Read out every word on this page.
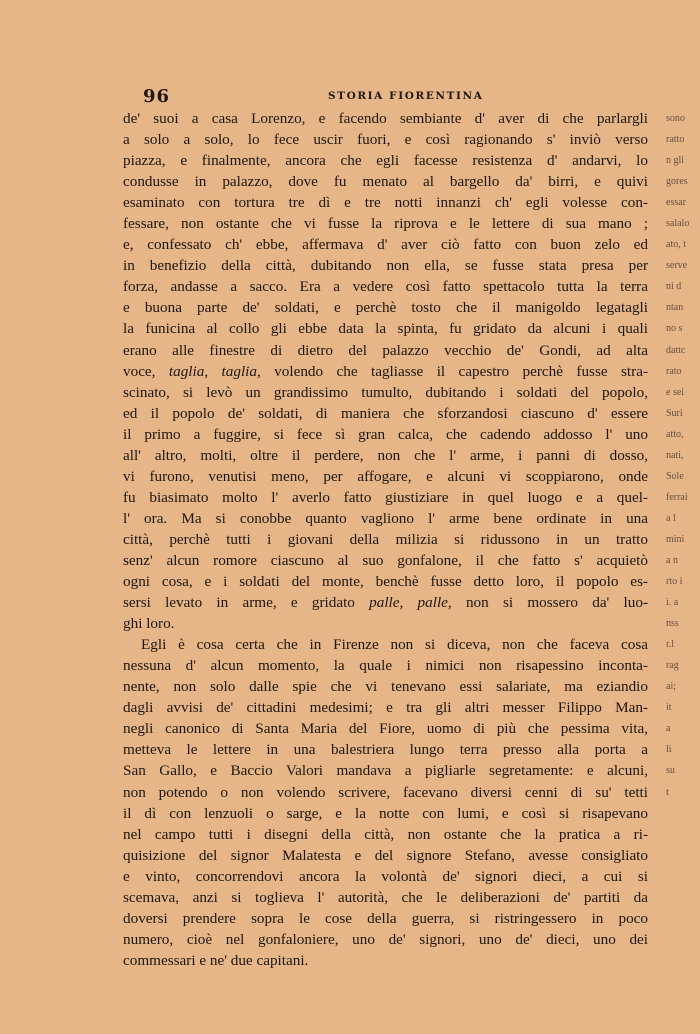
96	STORIA FIORENTINA
de' suoi a casa Lorenzo, e facendo sembiante d' aver di che parlargli
a solo a solo, lo fece uscir fuori, e così ragionando s' inviò verso
piazza, e finalmente, ancora che egli facesse resistenza d' andarvi, lo
condusse in palazzo, dove fu menato al bargello da' birri, e quivi
esaminato con tortura tre dì e tre notti innanzi ch' egli volesse con-
fessare, non ostante che vi fusse la riprova e le lettere di sua mano ;
e, confessato ch' ebbe, affermava d' aver ciò fatto con buon zelo ed
in benefizio della città, dubitando non ella, se fusse stata presa per
forza, andasse a sacco. Era a vedere così fatto spettacolo tutta la terra
e buona parte de' soldati, e perchè tosto che il manigoldo legatagli
la funicina al collo gli ebbe data la spinta, fu gridato da alcuni i quali
erano alle finestre di dietro del palazzo vecchio de' Gondi, ad alta
voce, taglia, taglia, volendo che tagliasse il capestro perchè fusse stra-
scinato, si levò un grandissimo tumulto, dubitando i soldati del popolo,
ed il popolo de' soldati, di maniera che sforzandosi ciascuno d' essere
il primo a fuggire, si fece sì gran calca, che cadendo addosso l' uno
all' altro, molti, oltre il perdere, non che l' arme, i panni di dosso,
vi furono, venutisi meno, per affogare, e alcuni vi scoppiarono, onde
fu biasimato molto l' averlo fatto giustiziare in quel luogo e a quel-
l' ora. Ma si conobbe quanto vagliono l' arme bene ordinate in una
città, perchè tutti i giovani della milizia si ridussono in un tratto
senz' alcun romore ciascuno al suo gonfalone, il che fatto s' acquietò
ogni cosa, e i soldati del monte, benchè fusse detto loro, il popolo es-
sersi levato in arme, e gridato palle, palle, non si mossero da' luo-
ghi loro.
Egli è cosa certa che in Firenze non si diceva, non che faceva cosa
nessuna d' alcun momento, la quale i nimici non risapessino inconta-
nente, non solo dalle spie che vi tenevano essi salariate, ma eziandio
dagli avvisi de' cittadini medesimi; e tra gli altri messer Filippo Man-
negli canonico di Santa Maria del Fiore, uomo di più che pessima vita,
metteva le lettere in una balestriera lungo terra presso alla porta a
San Gallo, e Baccio Valori mandava a pigliarle segretamente: e alcuni,
non potendo o non volendo scrivere, facevano diversi cenni di su' tetti
il dì con lenzuoli o sarge, e la notte con lumi, e così si risapevano
nel campo tutti i disegni della città, non ostante che la pratica a ri-
quisizione del signor Malatesta e del signore Stefano, avesse consigliato
e vinto, concorrendovi ancora la volontà de' signori dieci, a cui si
scemava, anzi si toglieva l' autorità, che le deliberazioni de' partiti da
doversi prendere sopra le cose della guerra, si ristringessero in poco
numero, cioè nel gonfaloniere, uno de' signori, uno de' dieci, uno dei
commessari e ne' due capitani.
sono
ratto
n gli
gores
essar
salalo
ato, t
serve
ni d
ntan
no s
dattc
rato
e sei
Suri
atto,
nati,
Sole
ferrai
a l
mini
a n
rto i
i. a
nss
r.l
rag
ai;
it
a
li
su
t
